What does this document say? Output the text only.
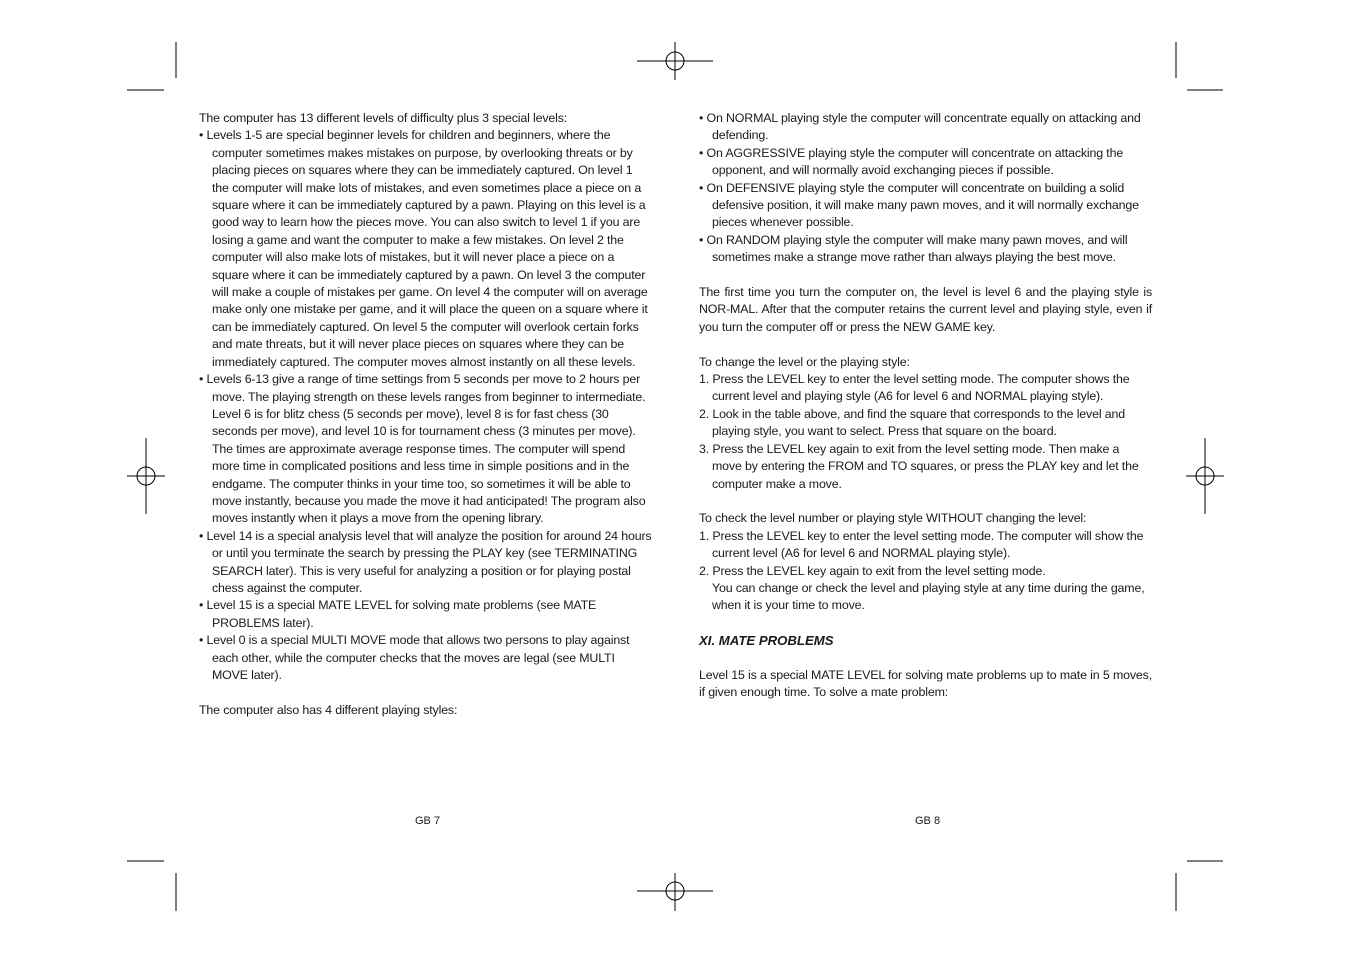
The computer has 13 different levels of difficulty plus 3 special levels:

• Levels 1-5 are special beginner levels for children and beginners, where the computer sometimes makes mistakes on purpose, by overlooking threats or by placing pieces on squares where they can be immediately captured. On level 1 the computer will make lots of mistakes, and even sometimes place a piece on a square where it can be immediately captured by a pawn. Playing on this level is a good way to learn how the pieces move. You can also switch to level 1 if you are losing a game and want the computer to make a few mistakes. On level 2 the computer will also make lots of mistakes, but it will never place a piece on a square where it can be immediately captured by a pawn. On level 3 the computer will make a couple of mistakes per game. On level 4 the computer will on average make only one mistake per game, and it will place the queen on a square where it can be immediately captured. On level 5 the computer will overlook certain forks and mate threats, but it will never place pieces on squares where they can be immediately captured. The computer moves almost instantly on all these levels.

• Levels 6-13 give a range of time settings from 5 seconds per move to 2 hours per move. The playing strength on these levels ranges from beginner to intermediate. Level 6 is for blitz chess (5 seconds per move), level 8 is for fast chess (30 seconds per move), and level 10 is for tournament chess (3 minutes per move). The times are approximate average response times. The computer will spend more time in complicated positions and less time in simple positions and in the endgame. The computer thinks in your time too, so sometimes it will be able to move instantly, because you made the move it had anticipated! The program also moves instantly when it plays a move from the opening library.

• Level 14 is a special analysis level that will analyze the position for around 24 hours or until you terminate the search by pressing the PLAY key (see TERMINATING SEARCH later). This is very useful for analyzing a position or for playing postal chess against the computer.

• Level 15 is a special MATE LEVEL for solving mate problems (see MATE PROBLEMS later).

• Level 0 is a special MULTI MOVE mode that allows two persons to play against each other, while the computer checks that the moves are legal (see MULTI MOVE later).

The computer also has 4 different playing styles:

GB 7

• On NORMAL playing style the computer will concentrate equally on attacking and defending.

• On AGGRESSIVE playing style the computer will concentrate on attacking the opponent, and will normally avoid exchanging pieces if possible.

• On DEFENSIVE playing style the computer will concentrate on building a solid defensive position, it will make many pawn moves, and it will normally exchange pieces whenever possible.

• On RANDOM playing style the computer will make many pawn moves, and will sometimes make a strange move rather than always playing the best move.

The first time you turn the computer on, the level is level 6 and the playing style is NOR-MAL. After that the computer retains the current level and playing style, even if you turn the computer off or press the NEW GAME key.

To change the level or the playing style:

1. Press the LEVEL key to enter the level setting mode. The computer shows the current level and playing style (A6 for level 6 and NORMAL playing style).

2. Look in the table above, and find the square that corresponds to the level and playing style, you want to select. Press that square on the board.

3. Press the LEVEL key again to exit from the level setting mode. Then make a move by entering the FROM and TO squares, or press the PLAY key and let the computer make a move.

To check the level number or playing style WITHOUT changing the level:

1. Press the LEVEL key to enter the level setting mode. The computer will show the current level (A6 for level 6 and NORMAL playing style).

2. Press the LEVEL key again to exit from the level setting mode.

You can change or check the level and playing style at any time during the game, when it is your time to move.

XI. MATE PROBLEMS

Level 15 is a special MATE LEVEL for solving mate problems up to mate in 5 moves, if given enough time. To solve a mate problem:

GB 8
